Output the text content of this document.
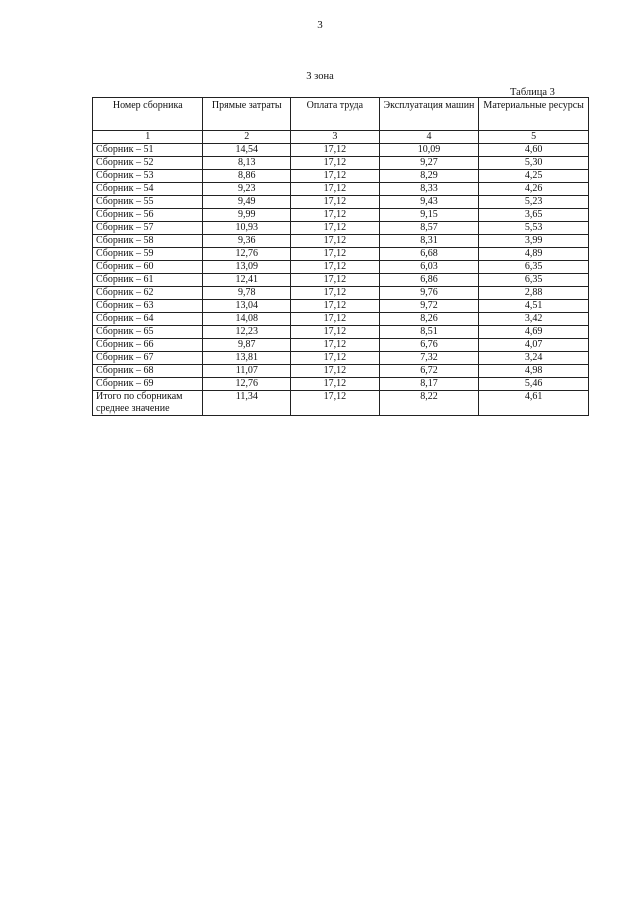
3
3 зона
Таблица 3
Номер сборника	Прямые затраты	Оплата труда	Эксплуатация машин	Материальные ресурсы
1	2	3	4	5
Сборник – 51	14,54	17,12	10,09	4,60
Сборник – 52	8,13	17,12	9,27	5,30
Сборник – 53	8,86	17,12	8,29	4,25
Сборник – 54	9,23	17,12	8,33	4,26
Сборник – 55	9,49	17,12	9,43	5,23
Сборник – 56	9,99	17,12	9,15	3,65
Сборник – 57	10,93	17,12	8,57	5,53
Сборник – 58	9,36	17,12	8,31	3,99
Сборник – 59	12,76	17,12	6,68	4,89
Сборник – 60	13,09	17,12	6,03	6,35
Сборник – 61	12,41	17,12	6,86	6,35
Сборник – 62	9,78	17,12	9,76	2,88
Сборник – 63	13,04	17,12	9,72	4,51
Сборник – 64	14,08	17,12	8,26	3,42
Сборник – 65	12,23	17,12	8,51	4,69
Сборник – 66	9,87	17,12	6,76	4,07
Сборник – 67	13,81	17,12	7,32	3,24
Сборник – 68	11,07	17,12	6,72	4,98
Сборник – 69	12,76	17,12	8,17	5,46

Итого по сборникам
среднее значение	11,34	17,12	8,22	4,61
